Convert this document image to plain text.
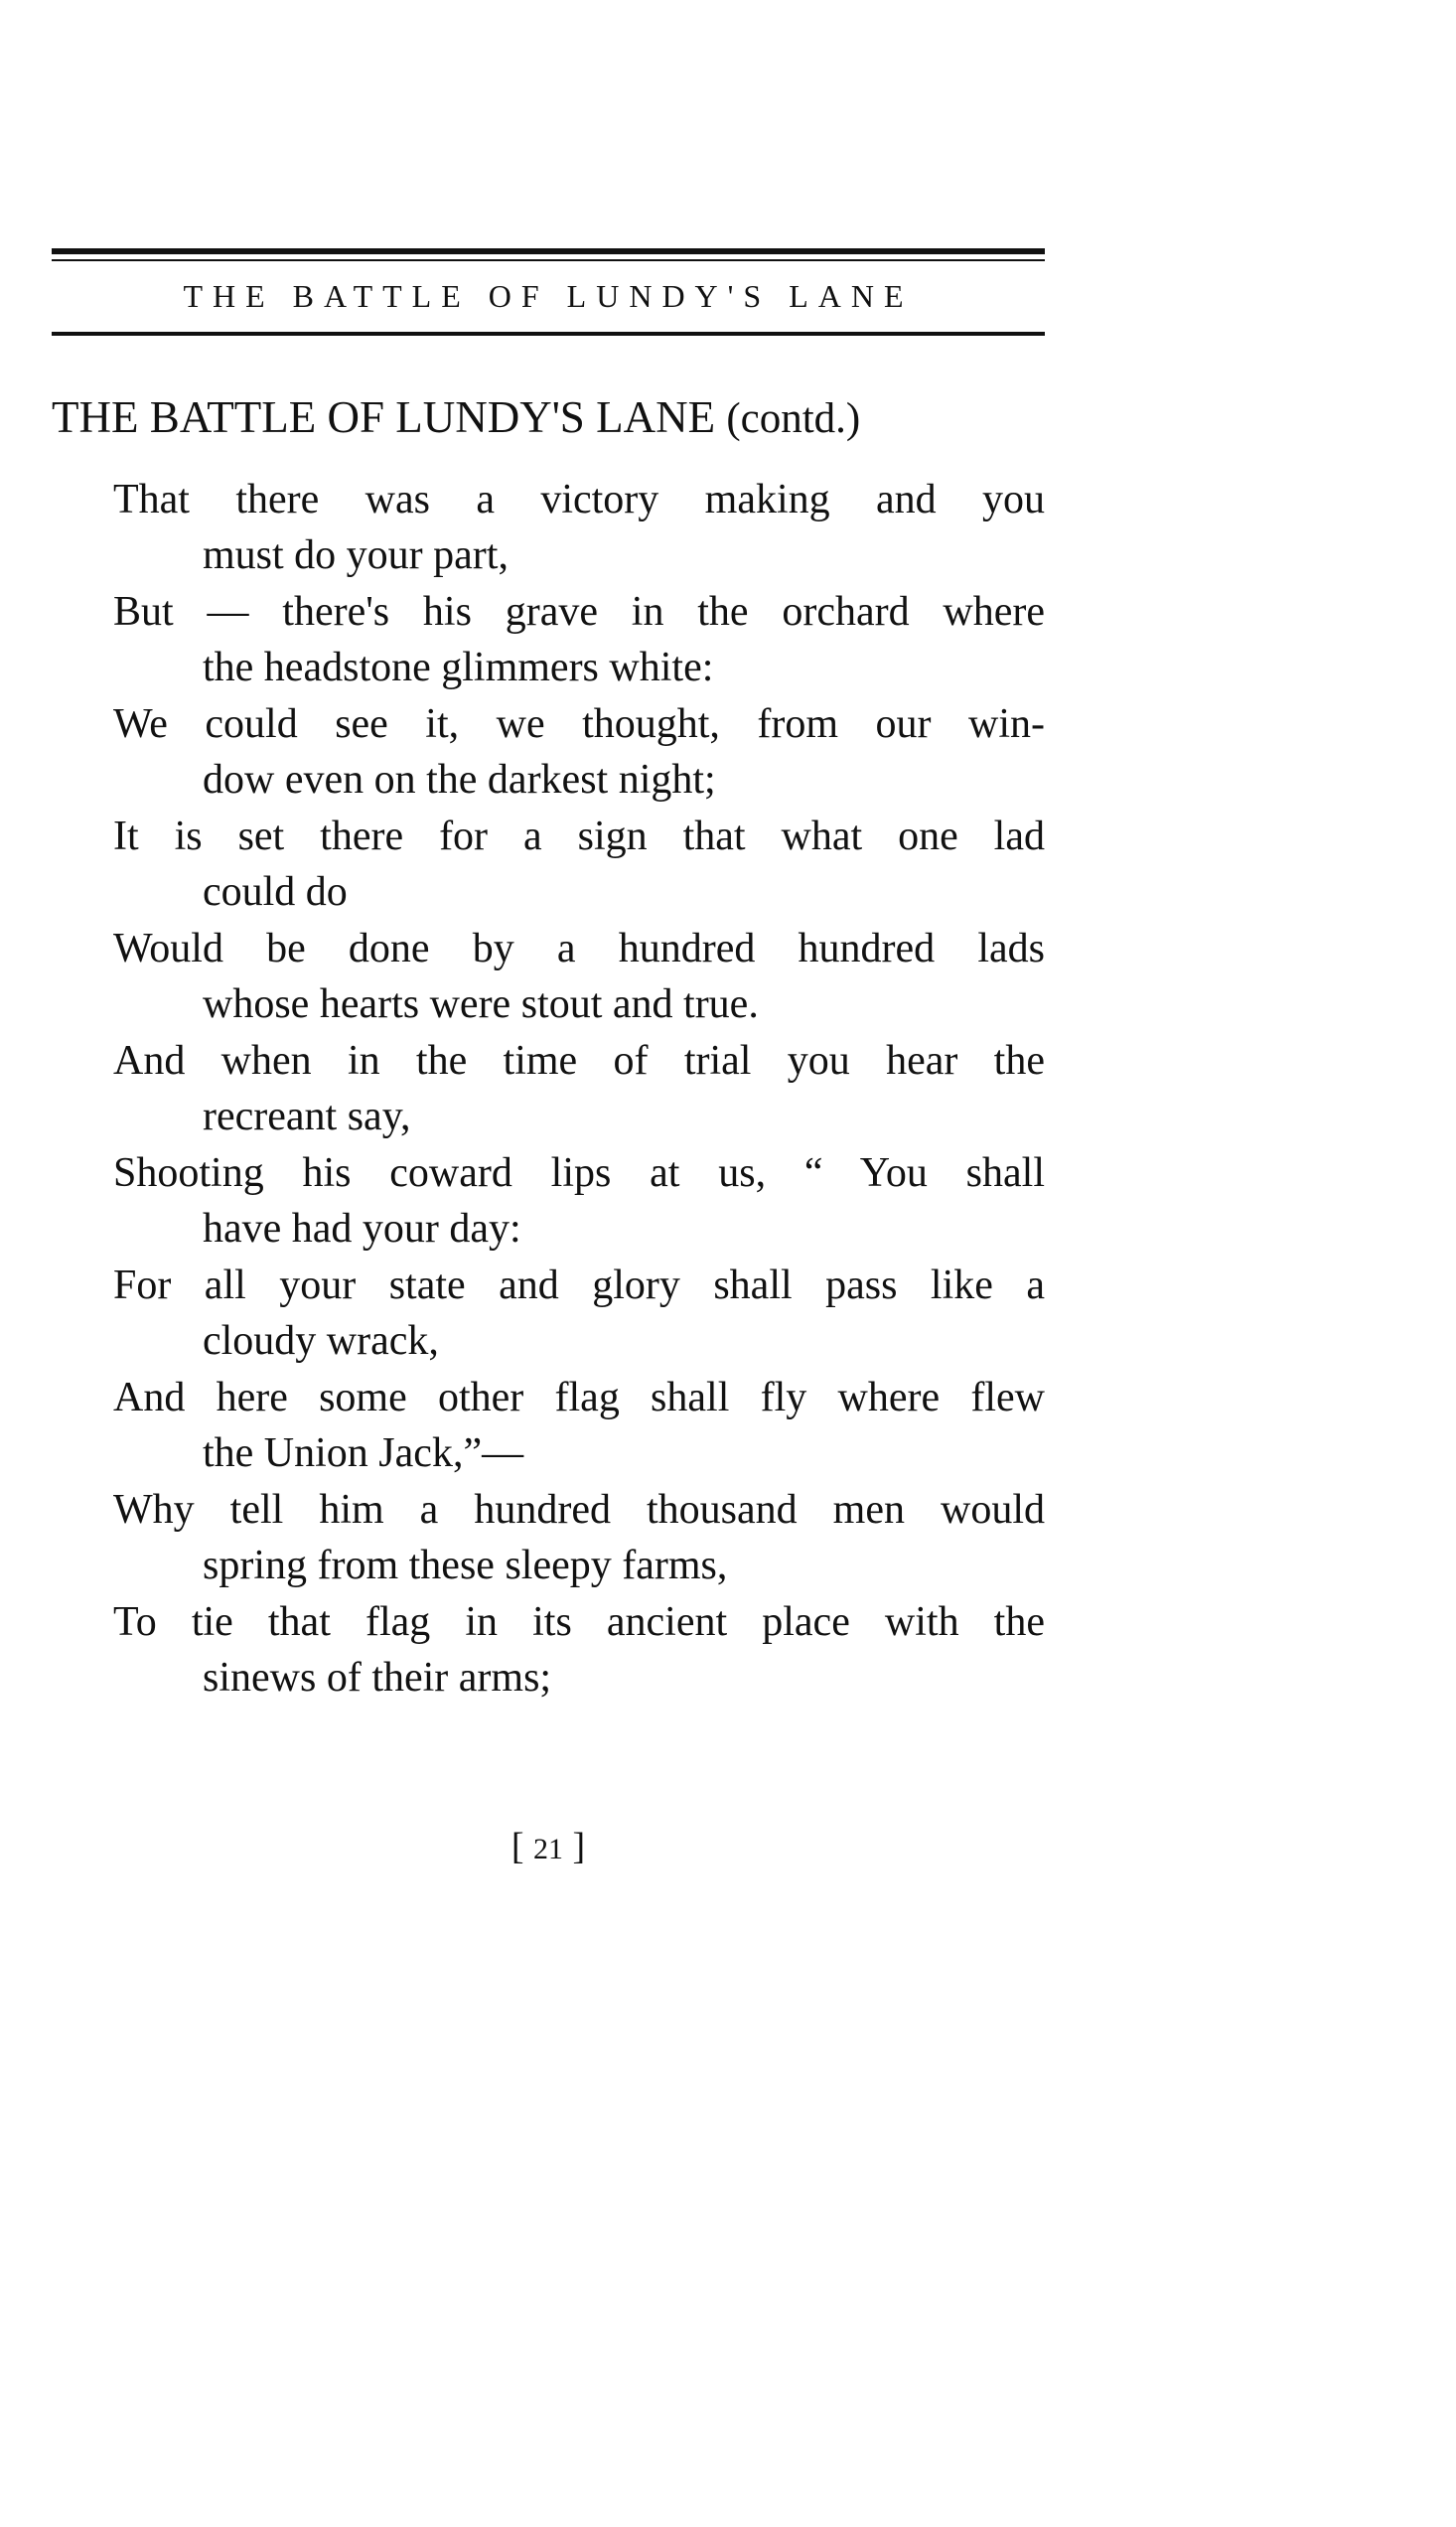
THE BATTLE OF LUNDY'S LANE
THE BATTLE OF LUNDY'S LANE (contd.)
That there was a victory making and you
must do your part,
But — there's his grave in the orchard where
the headstone glimmers white:
We could see it, we thought, from our win-
dow even on the darkest night;
It is set there for a sign that what one lad
could do
Would be done by a hundred hundred lads
whose hearts were stout and true.
And when in the time of trial you hear the
recreant say,
Shooting his coward lips at us, “ You shall
have had your day:
For all your state and glory shall pass like a
cloudy wrack,
And here some other flag shall fly where flew
the Union Jack,”—
Why tell him a hundred thousand men would
spring from these sleepy farms,
To tie that flag in its ancient place with the
sinews of their arms;
[ 21 ]
